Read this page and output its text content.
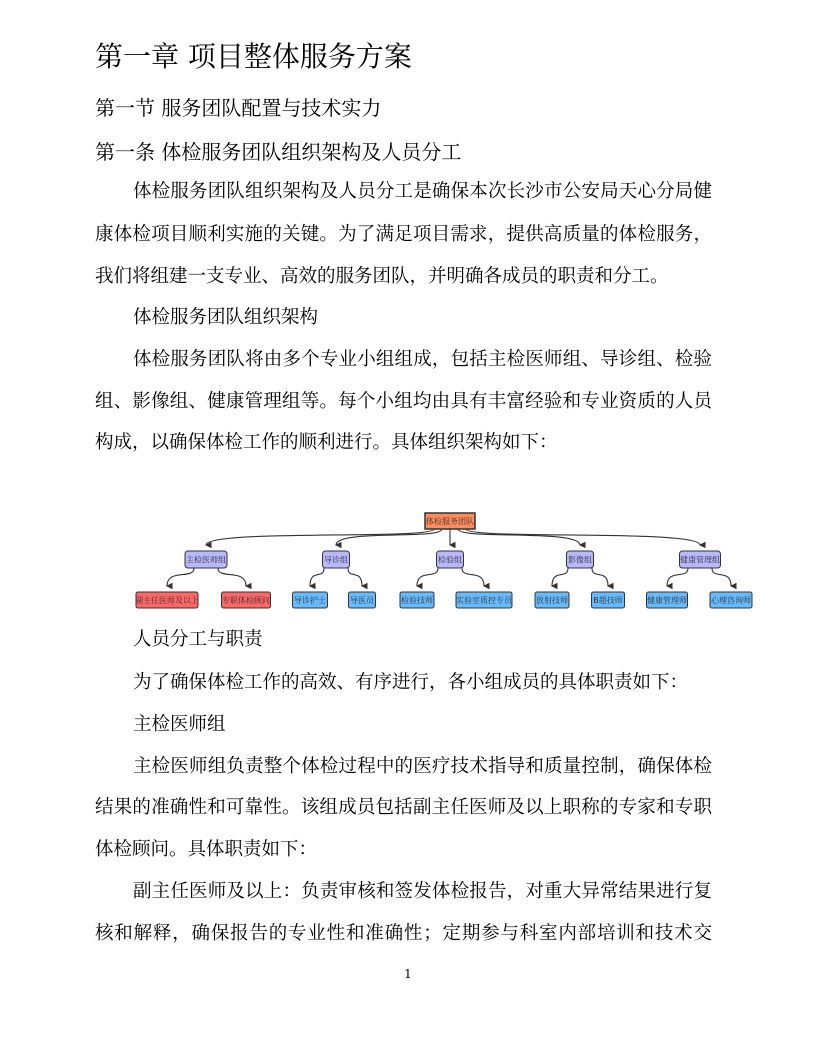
第一章 项目整体服务方案
第一节 服务团队配置与技术实力
第一条 体检服务团队组织架构及人员分工
体检服务团队组织架构及人员分工是确保本次长沙市公安局天心分局健
康体检项目顺利实施的关键。为了满足项目需求，提供高质量的体检服务，
我们将组建一支专业、高效的服务团队，并明确各成员的职责和分工。
体检服务团队组织架构
体检服务团队将由多个专业小组组成，包括主检医师组、导诊组、检验
组、影像组、健康管理组等。每个小组均由具有丰富经验和专业资质的人员
构成，以确保体检工作的顺利进行。具体组织架构如下：
体检服务团队
主检医师组
副主任医师及以上	专职体检顾问
导诊组
导诊护士	导医员
检验组
检验技师	实验室质控专员
影像组
放射技师	B超技师
健康管理组
健康管理师	心理咨询师
人员分工与职责
为了确保体检工作的高效、有序进行，各小组成员的具体职责如下：
主检医师组
主检医师组负责整个体检过程中的医疗技术指导和质量控制，确保体检
结果的准确性和可靠性。该组成员包括副主任医师及以上职称的专家和专职
体检顾问。具体职责如下：
副主任医师及以上：负责审核和签发体检报告，对重大异常结果进行复
核和解释，确保报告的专业性和准确性；定期参与科室内部培训和技术交
1
